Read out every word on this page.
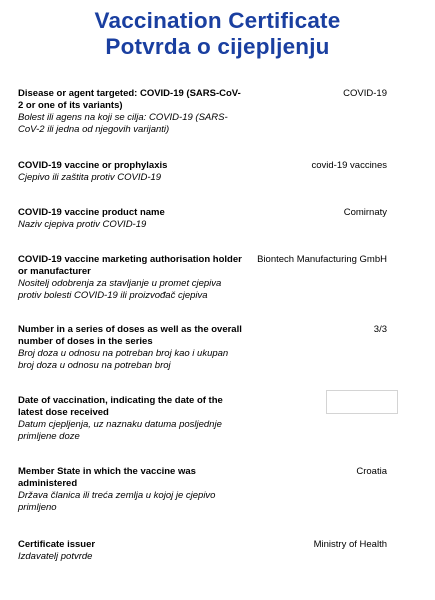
Vaccination Certificate
Potvrda o cijepljenju
Disease or agent targeted: COVID-19 (SARS-CoV-2 or one of its variants)
Bolest ili agens na koji se cilja: COVID-19 (SARS-CoV-2 ili jedna od njegovih varijanti)
COVID-19
COVID-19 vaccine or prophylaxis
Cjepivo ili zaštita protiv COVID-19
covid-19 vaccines
COVID-19 vaccine product name
Naziv cjepiva protiv COVID-19
Comirnaty
COVID-19 vaccine marketing authorisation holder or manufacturer
Nositelj odobrenja za stavljanje u promet cjepiva protiv bolesti COVID-19 ili proizvođač cjepiva
Biontech Manufacturing GmbH
Number in a series of doses as well as the overall number of doses in the series
Broj doza u odnosu na potreban broj kao i ukupan broj doza u odnosu na potreban broj
3/3
Date of vaccination, indicating the date of the latest dose received
Datum cjepljenja, uz naznaku datuma posljednje primljene doze
Member State in which the vaccine was administered
Država članica ili treća zemlja u kojoj je cjepivo primljeno
Croatia
Certificate issuer
Izdavatelj potvrde
Ministry of Health
